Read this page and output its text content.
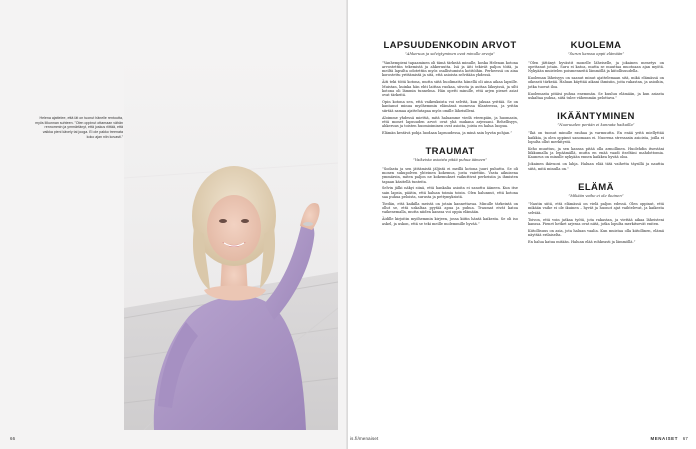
Helena ajattelee, että iät on tuonut hänelle rentoutta, myös liikunnan suhteen. ”Olen oppinut ottamaan vähän rennommin ja ymmärtänyt, että joskus riittää, että vaikka pieni kävely tai jooga. Ei ole pakko treenata koko ajan niin kovasti.”
66
LAPSUUDENKODIN ARVOT
”Ahkeruus ja selviytyminen ovat minulle arvoja”

”Vanhempieni tapaaminen oli tämä tärkeää minulle, koska Helenan kotona arvostettiin tekemistä ja ahkeruutta. Isä ja äiti tekivät paljon töitä, ja meiltä lapsilta odotettiin myös osallistumista kotitöihin. Perheessä on aina korostettu yrittämistä ja sitä, että asioista selvitään yhdessä.

Äiti teki töitä kotona, mutta siitä huolimatta hänellä oli aina aikaa lapsille. Muistan, kuinka hän ehti laittaa ruokaa, siivota ja auttaa läksyissä, ja silti kotona oli lämmin tunnelma. Hän opetti minulle, että arjen pienet asiat ovat tärkeitä.

Opin kotona sen, että vaikeuksista voi selvitä, kun jaksaa yrittää. Se on kantanut minua myöhemmin elämässä monessa tilanteessa, ja yritän siirtää samaa ajattelutapaa myös omille läheisilleni.

Aloimme yhdessä miettiä, mitä haluamme viedä eteenpäin, ja huomasin, että monet lapsuuden arvot ovat yhä mukana arjessani. Rehellisyys, ahkeruus ja toisten huomioiminen ovat asioita, joista en halua luopua.

Elämän kestävä pohja luodaan lapsuudessa, ja minä sain hyvän pohjan.”

TRAUMAT
”Vaikeista asioista pitää puhua ääneen”

”Sodasta ja sen jättämistä jäljistä ei meillä kotona juuri puhuttu. Se oli monen sukupolven yhteinen kokemus, josta vaiettiin. Vasta aikuisena ymmärsin, miten paljon ne kokemukset vaikuttivat perheisiin ja ihmisten tapaan käsitellä tunteita.

Selvin jälki näkyi siinä, että hankalia asioita ei sanottu ääneen. Kun itse sain lapsia, päätin, että haluan toimia toisin. Olen halunnut, että kotona saa puhua peloista, surusta ja pettymyksistä.

Tiedän, että kaikilla meistä on jotain kannettavaa. Minulle tärkeintä on ollut se, että uskaltaa pyytää apua ja puhua. Traumat eivät katoa vaikenemalla, mutta niiden kanssa voi oppia elämään.

Äidille kirjoitin myöhemmin kirjeen, jossa kiitin häntä kaikesta. Se oli iso askel, ja uskon, että se teki meille molemmille hyvää.”

KUOLEMA
”Surun kanssa oppii elämään”

”Olen jättänyt hyvästit monelle läheiselle, ja jokainen menetys on opettanut jotain. Suru ei katoa, mutta se muuttaa muotoaan ajan myötä. Nykyään muistelen poismenneitä lämmöllä ja kiitollisuudella.

Kuoleman läheisyys on saanut minut ajattelemaan sitä, mikä elämässä on oikeasti tärkeää. Haluan käyttää aikani ihmisiin, joita rakastan, ja asioihin, jotka tuovat iloa.

Kuolemasta pitäisi puhua enemmän. Se kuuluu elämään, ja kun asiasta uskaltaa puhua, siitä tulee vähemmän pelottava.”

IKÄÄNTYMINEN
”Nuoruuden perään ei kannata haikailla”

”Ikä on tuonut minulle rauhaa ja varmuutta. En enää yritä miellyttää kaikkia, ja olen oppinut sanomaan ei. Nuorena stressasin asioista, joilla ei lopulta ollut merkitystä.

Keho muuttuu, ja sen kanssa pitää olla armollinen. Huolehdin itsestäni liikkumalla ja lepäämällä, mutta en enää vaadi itseltäni mahdottomia. Kauneus on minulle nykyään ennen kaikkea hyvää oloa.

Jokainen ikävuosi on lahja. Haluan elää tätä vaihetta täysillä ja nauttia siitä, mitä minulla on.”

ELÄMÄ
”Mikään vaihe ei ole ikuinen”

”Nautin siitä, että elämässä on vielä paljon edessä. Olen oppinut, että mikään vaihe ei ole ikuinen – hyvät ja huonot ajat vaihtelevat, ja kaikesta selviää.

Toivon, että voin jatkaa työtä, jota rakastan, ja viettää aikaa läheisteni kanssa. Pienet hetket arjessa ovat niitä, jotka lopulta merkitsevät eniten.

Kiitollisuus on asia, jota haluan vaalia. Kun muistaa olla kiitollinen, elämä näyttää erilaiselta.

En halua katua mitään. Haluan elää rohkeasti ja lämmöllä.”

is.fi/menaiset	MENAISET 67
